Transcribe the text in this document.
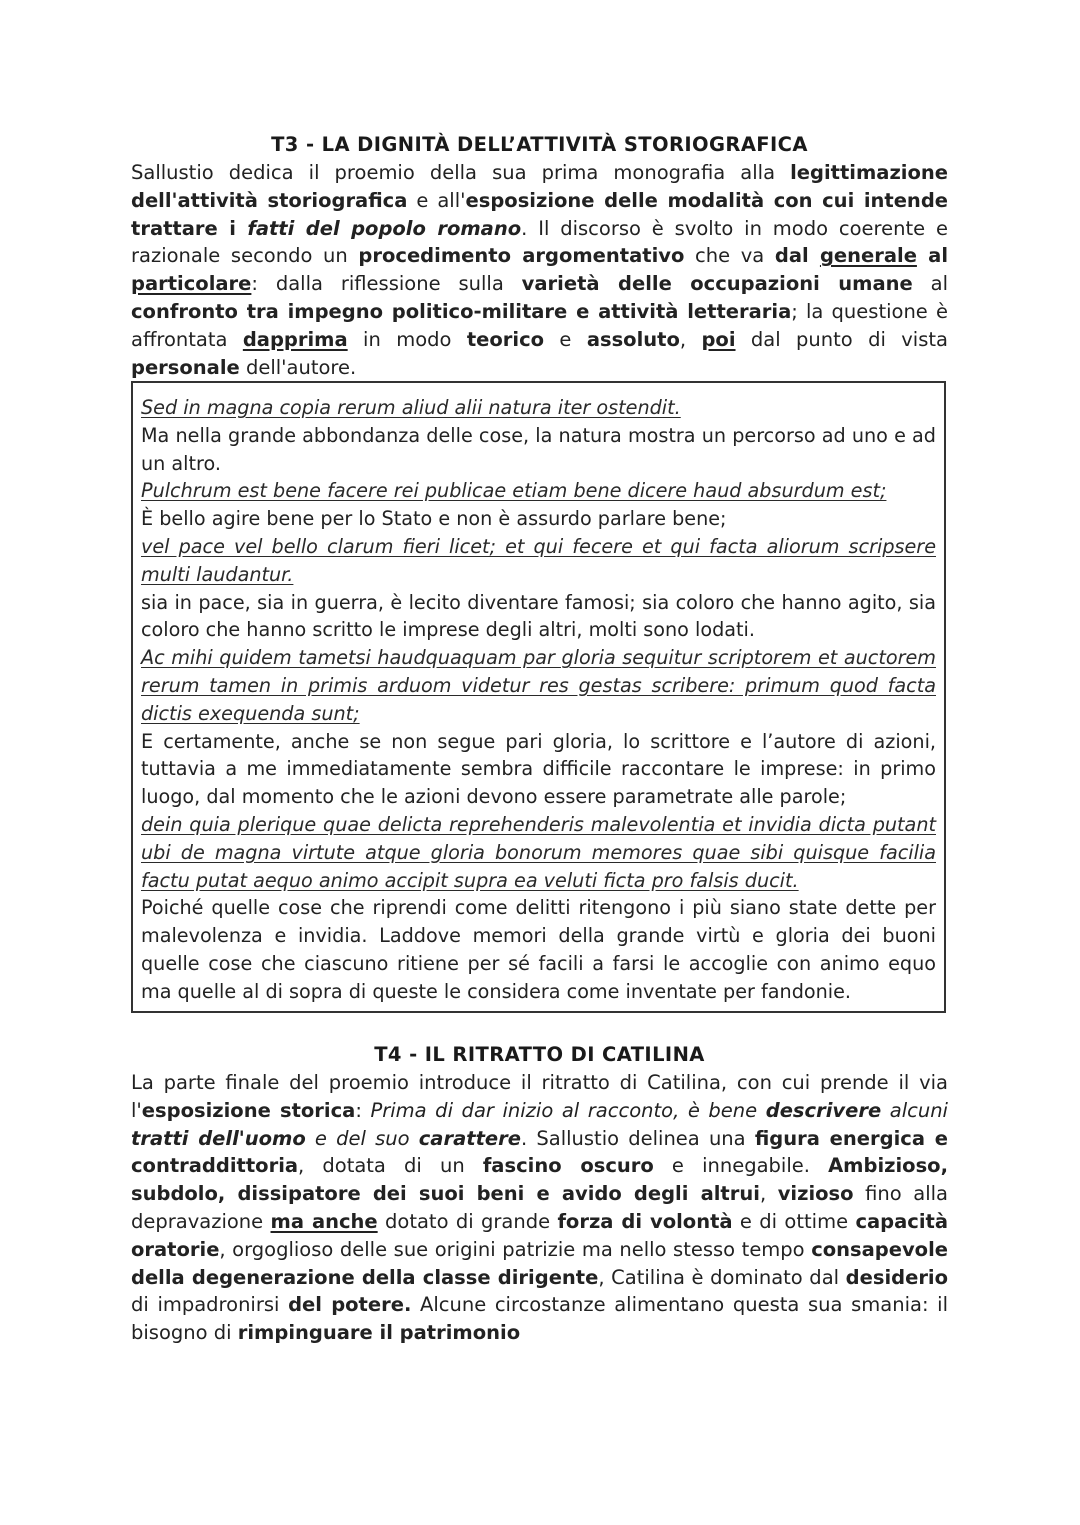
T3 - LA DIGNITÀ DELL’ATTIVITÀ STORIOGRAFICA

Sallustio dedica il proemio della sua prima monografia alla legittimazione dell'attività storiografica e all'esposizione delle modalità con cui intende trattare i fatti del popolo romano. Il discorso è svolto in modo coerente e razionale secondo un procedimento argomentativo che va dal generale al particolare: dalla riflessione sulla varietà delle occupazioni umane al confronto tra impegno politico-militare e attività letteraria; la questione è affrontata dapprima in modo teorico e assoluto, poi dal punto di vista personale dell'autore.

Sed in magna copia rerum aliud alii natura iter ostendit.

Ma nella grande abbondanza delle cose, la natura mostra un percorso ad uno e ad un altro.

Pulchrum est bene facere rei publicae etiam bene dicere haud absurdum est;

È bello agire bene per lo Stato e non è assurdo parlare bene;

vel pace vel bello clarum fieri licet; et qui fecere et qui facta aliorum scripsere multi laudantur.

sia in pace, sia in guerra, è lecito diventare famosi; sia coloro che hanno agito, sia coloro che hanno scritto le imprese degli altri, molti sono lodati.

Ac mihi quidem tametsi haudquaquam par gloria sequitur scriptorem et auctorem rerum tamen in primis arduom videtur res gestas scribere: primum quod facta dictis exequenda sunt;

E certamente, anche se non segue pari gloria, lo scrittore e l’autore di azioni, tuttavia a me immediatamente sembra difficile raccontare le imprese: in primo luogo, dal momento che le azioni devono essere parametrate alle parole;

dein quia plerique quae delicta reprehenderis malevolentia et invidia dicta putant ubi de magna virtute atque gloria bonorum memores quae sibi quisque facilia factu putat aequo animo accipit supra ea veluti ficta pro falsis ducit.

Poiché quelle cose che riprendi come delitti ritengono i più siano state dette per malevolenza e invidia. Laddove memori della grande virtù e gloria dei buoni quelle cose che ciascuno ritiene per sé facili a farsi le accoglie con animo equo ma quelle al di sopra di queste le considera come inventate per fandonie.

T4 - IL RITRATTO DI CATILINA

La parte finale del proemio introduce il ritratto di Catilina, con cui prende il via l'esposizione storica: Prima di dar inizio al racconto, è bene descrivere alcuni tratti dell'uomo e del suo carattere. Sallustio delinea una figura energica e contraddittoria, dotata di un fascino oscuro e innegabile. Ambizioso, subdolo, dissipatore dei suoi beni e avido degli altrui, vizioso fino alla depravazione ma anche dotato di grande forza di volontà e di ottime capacità oratorie, orgoglioso delle sue origini patrizie ma nello stesso tempo consapevole della degenerazione della classe dirigente, Catilina è dominato dal desiderio di impadronirsi del potere. Alcune circostanze alimentano questa sua smania: il bisogno di rimpinguare il patrimonio
